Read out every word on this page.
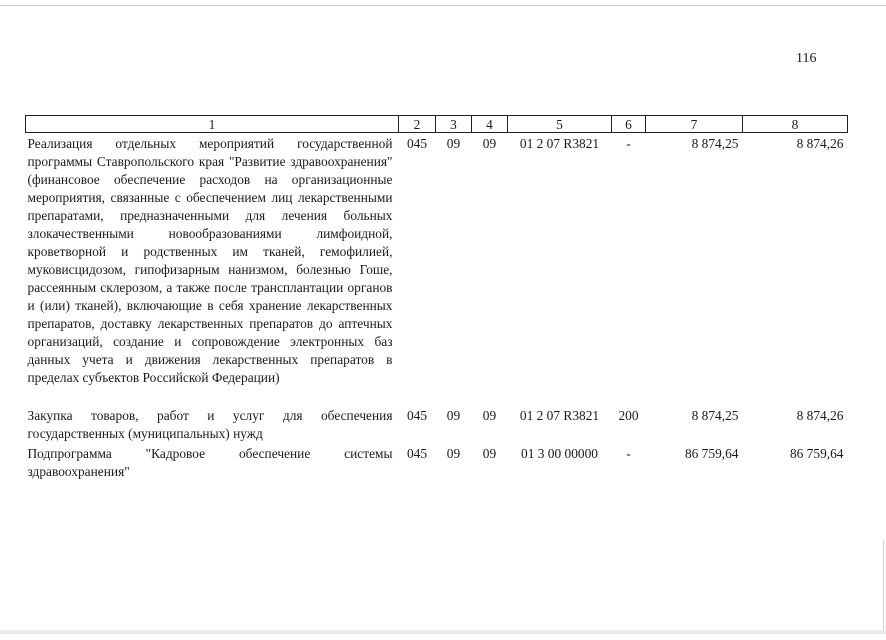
116
1	2	3	4	5	6	7	8
Реализация отдельных мероприятий государственной программы Ставропольского края "Развитие здравоохранения" (финансовое обеспечение расходов на организационные мероприятия, связанные с обеспечением лиц лекарственными препаратами, предназначенными для лечения больных злокачественными новообразованиями лимфоидной, кроветворной и родственных им тканей, гемофилией, муковисцидозом, гипофизарным нанизмом, болезнью Гоше, рассеянным склерозом, а также после трансплантации органов и (или) тканей), включающие в себя хранение лекарственных препаратов, доставку лекарственных препаратов до аптечных организаций, создание и сопровождение электронных баз данных учета и движения лекарственных препаратов в пределах субъектов Российской Федерации)	045	09	09	01 2 07 R3821	-	8 874,25	8 874,26

Закупка товаров, работ и услуг для обеспечения государственных (муниципальных) нужд	045	09	09	01 2 07 R3821	200	8 874,25	8 874,26
Подпрограмма "Кадровое обеспечение системы здравоохранения"	045	09	09	01 3 00 00000	-	86 759,64	86 759,64
